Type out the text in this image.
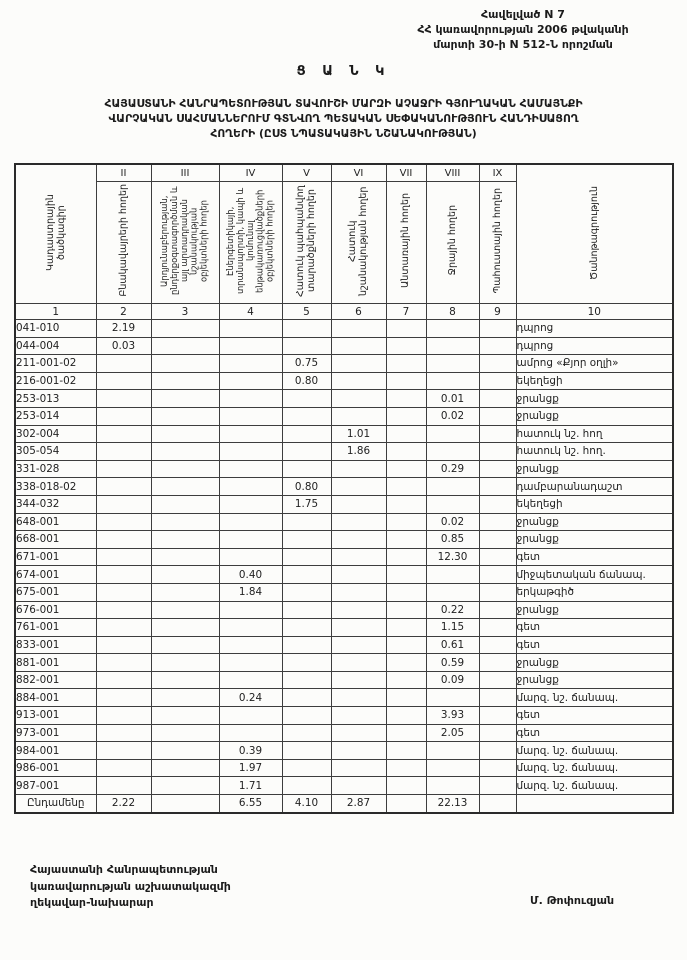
Հավելված N 7
ՀՀ կառավորության 2006 թվականի
մարտի 30-ի N 512-Ն որոշման
Ց Ա Ն Կ
ՀԱՅԱՍՏԱՆԻ ՀԱՆՐԱՊԵՏՈՒԹՅԱՆ ՏԱՎՈՒՇԻ ՄԱՐԶԻ ԱՉԱՋՐԻ ԳՅՈՒՂԱԿԱՆ ՀԱՄԱՅՆՔԻ
ՎԱՐՉԱԿԱՆ ՍԱՀՄԱՆՆԵՐՈՒՄ ԳՏՆՎՈՂ ՊԵՏԱԿԱՆ ՍԵՓԱԿԱՆՈՒԹՅՈՒՆ ՀԱՆԴԻՍԱՑՈՂ
ՀՈՂԵՐԻ (ԸՍՏ ՆՊԱՏԱԿԱՅԻՆ ՆՇԱՆԱԿՈՒԹՅԱՆ)
Կադաստրային ծածկագիր	II	III	IV	V	VI	VII	VIII	IX	Ծանոթագրություն
	Բնակավայրերի հողեր	Արդյունաբերության, ընդերքօգտագործման և այլ արտադրական նշանակության օբյեկտների հողեր	Էներգետիկայի, տրանսպորտի, կապի և կոմունալ ենթակառուցվածքների օբյեկտների հողեր	Հատուկ պահպանվող տարածքների հողեր	Հատուկ նշանակության հողեր	Անտառային հողեր	Ջրային հողեր	Պահուստային հողեր	
1	2	3	4	5	6	7	8	9	10
041-010	2.19								դպրոց
044-004	0.03								դպրոց
211-001-02				0.75					ամրոց «Քյոր օղլի»
216-001-02				0.80					եկեղեցի
253-013							0.01		ջրանցք
253-014							0.02		ջրանցք
302-004					1.01				հատուկ նշ. հող
305-054					1.86				հատուկ նշ. հող.
331-028							0.29		ջրանցք
338-018-02				0.80					դամբարանադաշտ
344-032				1.75					եկեղեցի
648-001							0.02		ջրանցք
668-001							0.85		ջրանցք
671-001							12.30		գետ
674-001			0.40						միջպետական ճանապ.
675-001			1.84						երկաթգիծ
676-001							0.22		ջրանցք
761-001							1.15		գետ
833-001							0.61		գետ
881-001							0.59		ջրանցք
882-001							0.09		ջրանցք
884-001			0.24						մարզ. նշ. ճանապ.
913-001							3.93		գետ
973-001							2.05		գետ
984-001			0.39						մարզ. նշ. ճանապ.
986-001			1.97						մարզ. նշ. ճանապ.
987-001			1.71						մարզ. նշ. ճանապ.
Ընդամենը	2.22		6.55	4.10	2.87		22.13		
Հայաստանի Հանրապետության
կառավարության աշխատակազմի
ղեկավար-նախարար	Մ. Թոփուզյան
